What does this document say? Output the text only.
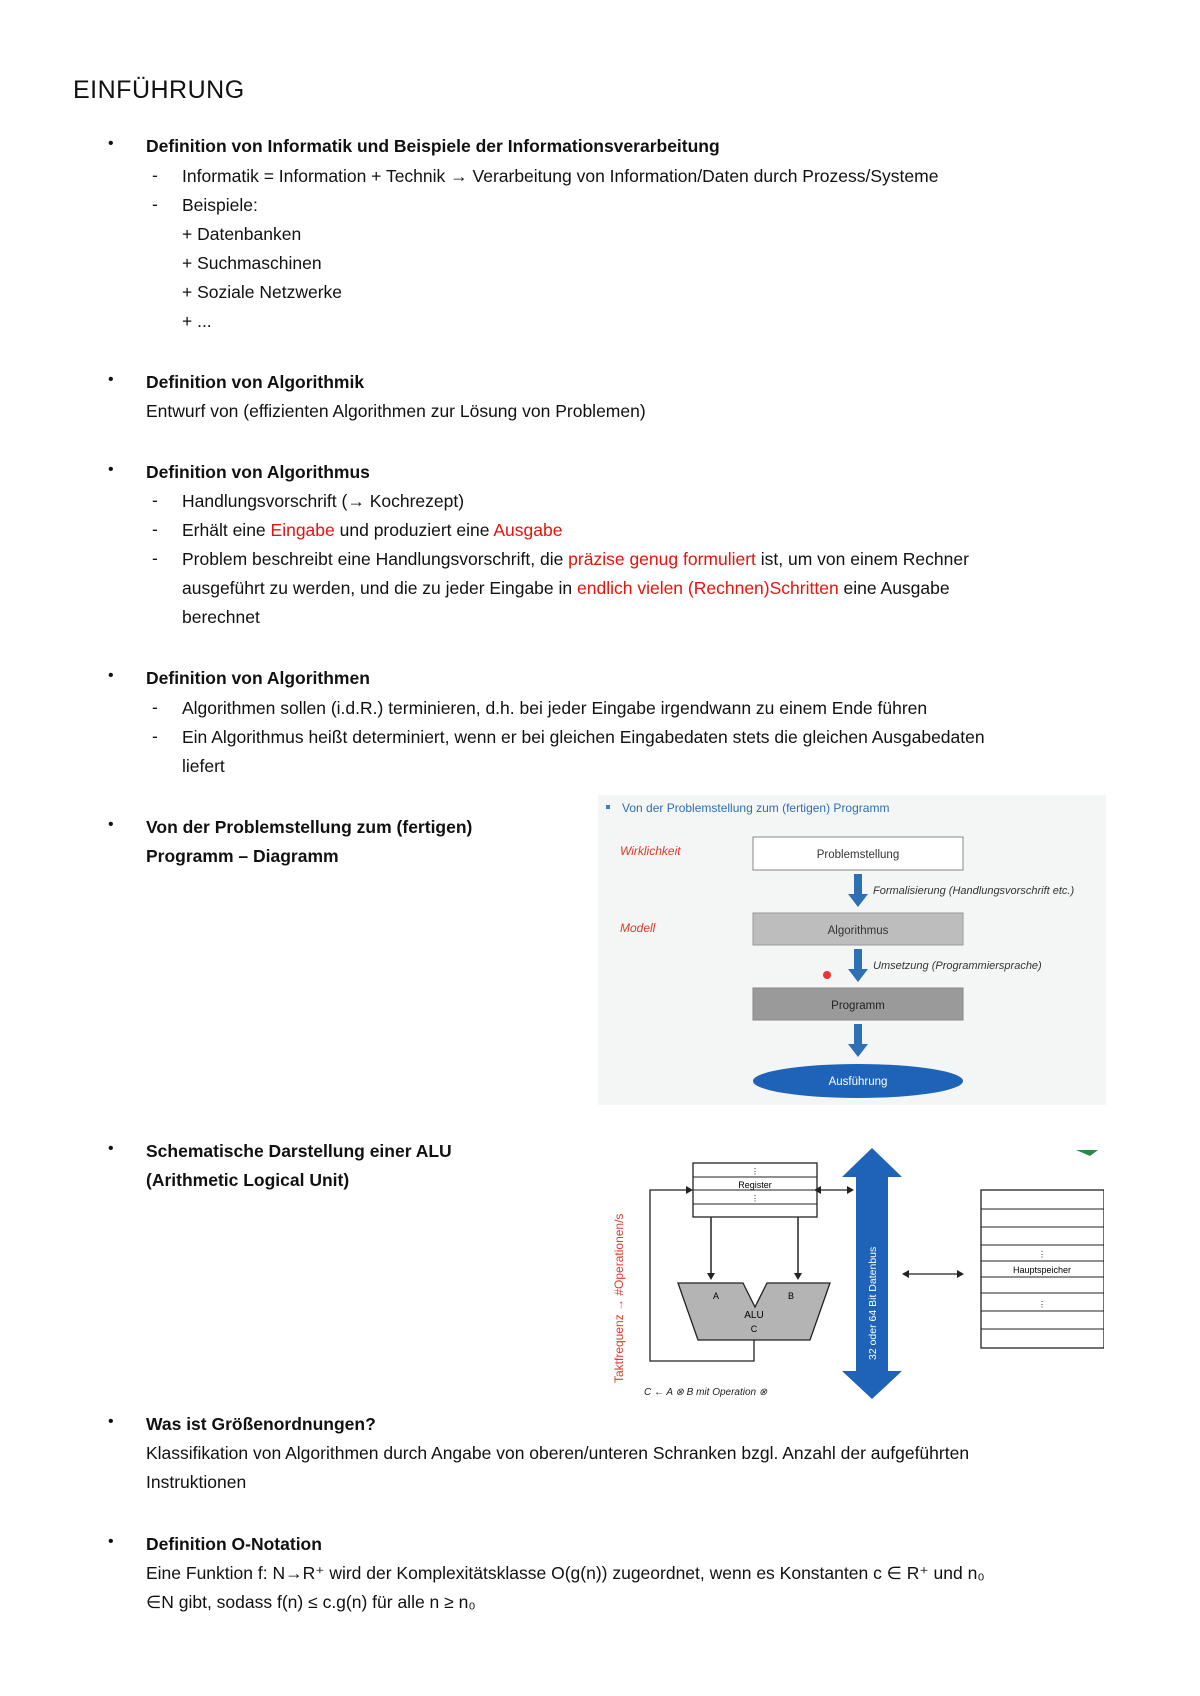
EINFÜHRUNG
• Definition von Informatik und Beispiele der Informationsverarbeitung
- Informatik = Information + Technik → Verarbeitung von Information/Daten durch Prozess/Systeme
- Beispiele:
+ Datenbanken
+ Suchmaschinen
+ Soziale Netzwerke
+ ...
• Definition von Algorithmik
Entwurf von (effizienten Algorithmen zur Lösung von Problemen)
• Definition von Algorithmus
- Handlungsvorschrift (→ Kochrezept)
- Erhält eine Eingabe und produziert eine Ausgabe
- Problem beschreibt eine Handlungsvorschrift, die präzise genug formuliert ist, um von einem Rechner
ausgeführt zu werden, und die zu jeder Eingabe in endlich vielen (Rechnen)Schritten eine Ausgabe
berechnet
• Definition von Algorithmen
- Algorithmen sollen (i.d.R.) terminieren, d.h. bei jeder Eingabe irgendwann zu einem Ende führen
- Ein Algorithmus heißt determiniert, wenn er bei gleichen Eingabedaten stets die gleichen Ausgabedaten
liefert
• Von der Problemstellung zum (fertigen)
Programm – Diagramm
Von der Problemstellung zum (fertigen) Programm
Wirklichkeit
Modell
Problemstellung
Formalisierung (Handlungsvorschrift etc.)
Algorithmus
Umsetzung (Programmiersprache)
Programm
Ausführung
• Schematische Darstellung einer ALU
(Arithmetic Logical Unit)	⋮
Register
⋮
A	B
ALU
C
Taktfrequenz → #Operationen/s	32 oder 64 Bit Datenbus	⋮
Hauptspeicher
⋮
C ← A ⊗ B mit Operation ⊗
• Was ist Größenordnungen?
Klassifikation von Algorithmen durch Angabe von oberen/unteren Schranken bzgl. Anzahl der aufgeführten
Instruktionen
• Definition O-Notation
Eine Funktion f: N→R⁺ wird der Komplexitätsklasse O(g(n)) zugeordnet, wenn es Konstanten c ∈ R⁺ und n₀
∈N gibt, sodass f(n) ≤ c.g(n) für alle n ≥ n₀
